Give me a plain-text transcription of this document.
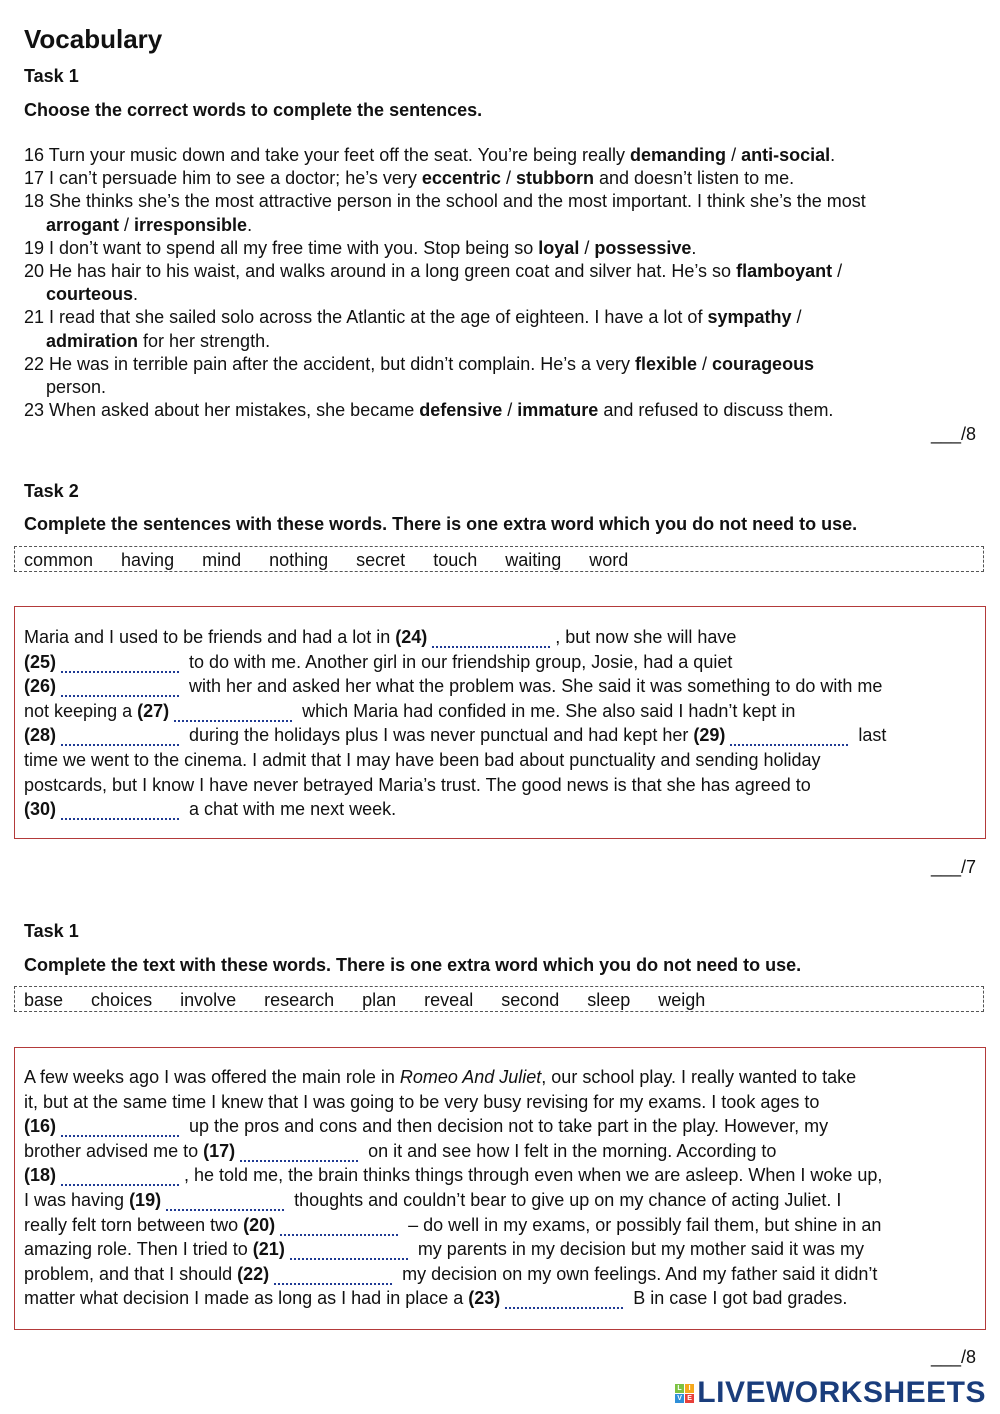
Vocabulary
Task 1
Choose the correct words to complete the sentences.
16 Turn your music down and take your feet off the seat. You’re being really demanding / anti-social.
17 I can’t persuade him to see a doctor; he’s very eccentric / stubborn and doesn’t listen to me.
18 She thinks she’s the most attractive person in the school and the most important. I think she’s the most
arrogant / irresponsible.
19 I don’t want to spend all my free time with you. Stop being so loyal / possessive.
20 He has hair to his waist, and walks around in a long green coat and silver hat. He’s so flamboyant /
courteous.
21 I read that she sailed solo across the Atlantic at the age of eighteen. I have a lot of sympathy /
admiration for her strength.
22 He was in terrible pain after the accident, but didn’t complain. He’s a very flexible / courageous
person.
23 When asked about her mistakes, she became defensive / immature and refused to discuss them.
___/8
Task 2
Complete the sentences with these words. There is one extra word which you do not need to use.
common having mind nothing secret touch waiting word
Maria and I used to be friends and had a lot in (24)	, but now she will have
(25)	to do with me. Another girl in our friendship group, Josie, had a quiet
(26)	with her and asked her what the problem was. She said it was something to do with me
not keeping a (27)	which Maria had confided in me. She also said I hadn’t kept in
(28)	during the holidays plus I was never punctual and had kept her (29)	last
time we went to the cinema. I admit that I may have been bad about punctuality and sending holiday
postcards, but I know I have never betrayed Maria’s trust. The good news is that she has agreed to
(30)	a chat with me next week.
___/7
Task 1
Complete the text with these words. There is one extra word which you do not need to use.
base choices involve research plan reveal second sleep weigh
A few weeks ago I was offered the main role in Romeo And Juliet, our school play. I really wanted to take
it, but at the same time I knew that I was going to be very busy revising for my exams. I took ages to
(16)	up the pros and cons and then decision not to take part in the play. However, my
brother advised me to (17)	on it and see how I felt in the morning. According to
(18)	, he told me, the brain thinks things through even when we are asleep. When I woke up,
I was having (19)	thoughts and couldn’t bear to give up on my chance of acting Juliet. I
really felt torn between two (20)	– do well in my exams, or possibly fail them, but shine in an
amazing role. Then I tried to (21)	my parents in my decision but my mother said it was my
problem, and that I should (22)	my decision on my own feelings. And my father said it didn’t
matter what decision I made as long as I had in place a (23)	B in case I got bad grades.
___/8
L I
V E LIVEWORKSHEETS
